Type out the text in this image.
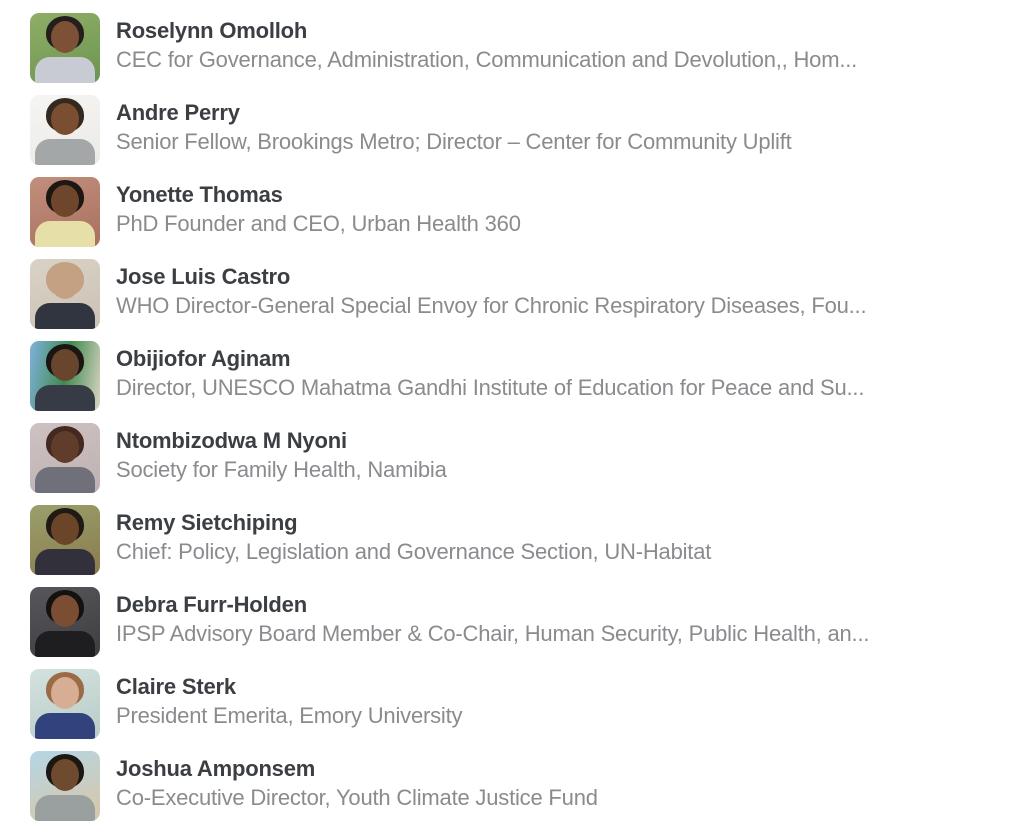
Roselynn Omolloh
CEC for Governance, Administration, Communication and Devolution,, Hom...
Andre Perry
Senior Fellow, Brookings Metro; Director – Center for Community Uplift
Yonette Thomas
PhD Founder and CEO, Urban Health 360
Jose Luis Castro
WHO Director-General Special Envoy for Chronic Respiratory Diseases, Fou...
Obijiofor Aginam
Director, UNESCO Mahatma Gandhi Institute of Education for Peace and Su...
Ntombizodwa M Nyoni
Society for Family Health, Namibia
Remy Sietchiping
Chief: Policy, Legislation and Governance Section, UN-Habitat
Debra Furr-Holden
IPSP Advisory Board Member & Co-Chair, Human Security, Public Health, an...
Claire Sterk
President Emerita, Emory University
Joshua Amponsem
Co-Executive Director, Youth Climate Justice Fund
